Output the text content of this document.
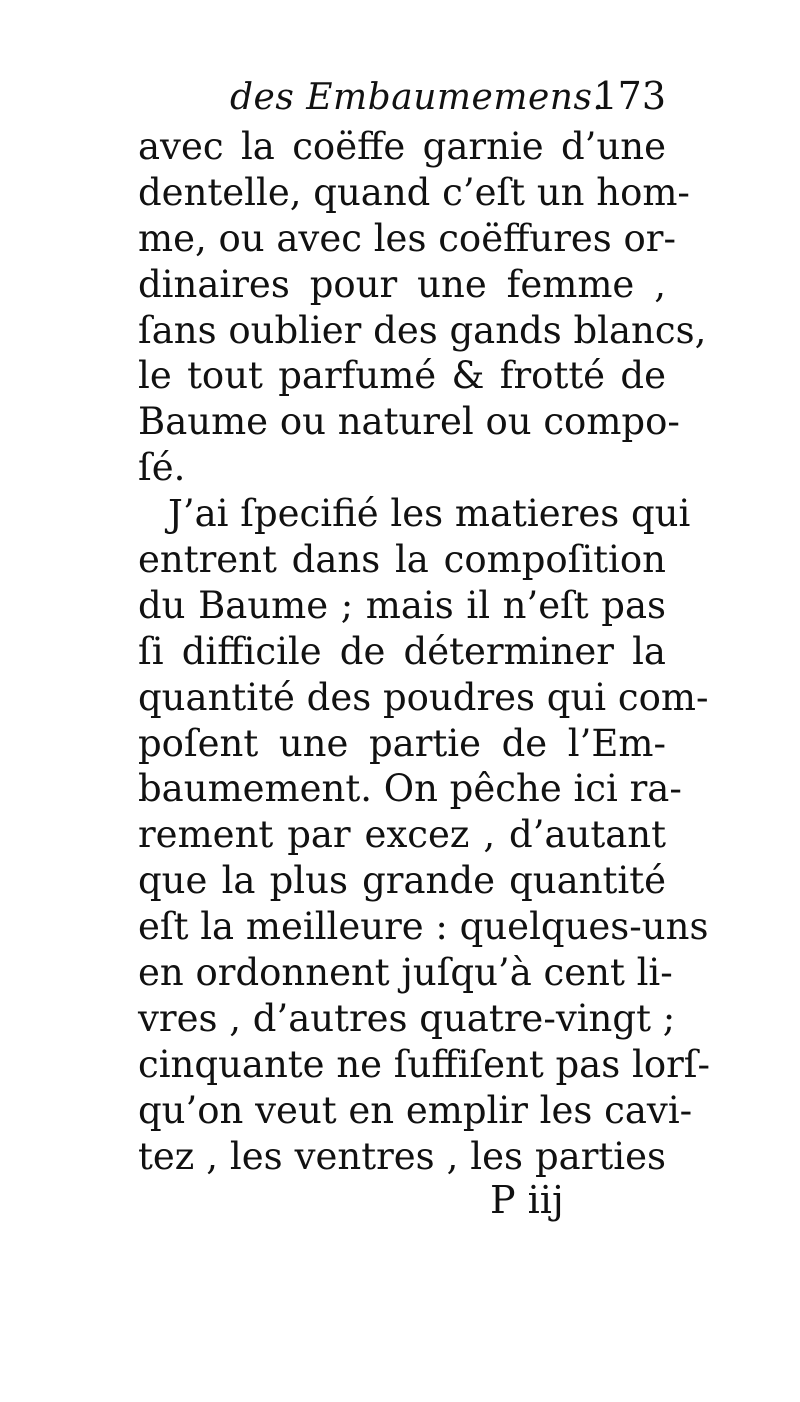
des Embaumemens.
173
avec la coëffe garnie d’une
dentelle, quand c’eſt un hom-
me, ou avec les coëffures or-
dinaires pour une femme ,
ſans oublier des gands blancs,
le tout parfumé & frotté de
Baume ou naturel ou compo-
ſé.
J’ai ſpecifié les matieres qui
entrent dans la compoſition
du Baume ; mais il n’eſt pas
ſi difficile de déterminer la
quantité des poudres qui com-
poſent une partie de l’Em-
baumement. On pêche ici ra-
rement par excez , d’autant
que la plus grande quantité
eſt la meilleure : quelques-uns
en ordonnent juſqu’à cent li-
vres , d’autres quatre-vingt ;
cinquante ne ſuffiſent pas lorſ-
qu’on veut en emplir les cavi-
tez , les ventres , les parties
P iij
